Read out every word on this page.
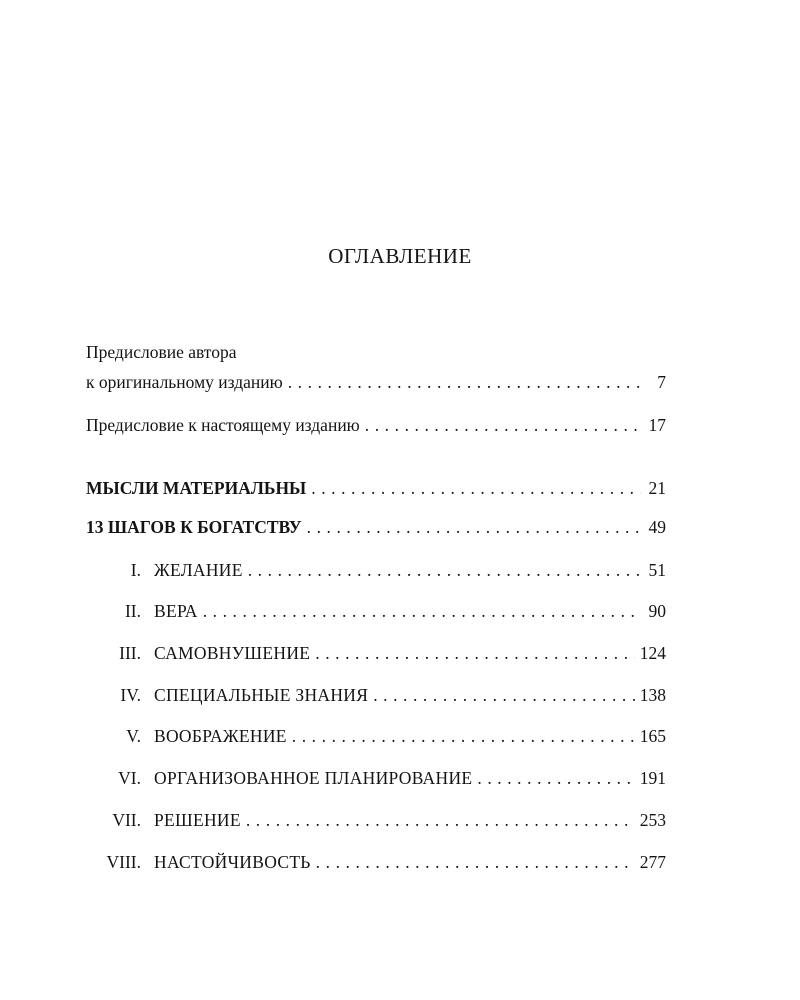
ОГЛАВЛЕНИЕ
Предисловие автора
к оригинальному изданию . . .	7
Предисловие к настоящему изданию . . .	17
МЫСЛИ МАТЕРИАЛЬНЫ . . .	21
13 ШАГОВ К БОГАТСТВУ . . .	49
I. ЖЕЛАНИЕ . . .	51
II. ВЕРА . . .	90
III. САМОВНУШЕНИЕ . . .	124
IV. СПЕЦИАЛЬНЫЕ ЗНАНИЯ . . .	138
V. ВООБРАЖЕНИЕ . . .	165
VI. ОРГАНИЗОВАННОЕ ПЛАНИРОВАНИЕ . . .	191
VII. РЕШЕНИЕ . . .	253
VIII. НАСТОЙЧИВОСТЬ . . .	277
